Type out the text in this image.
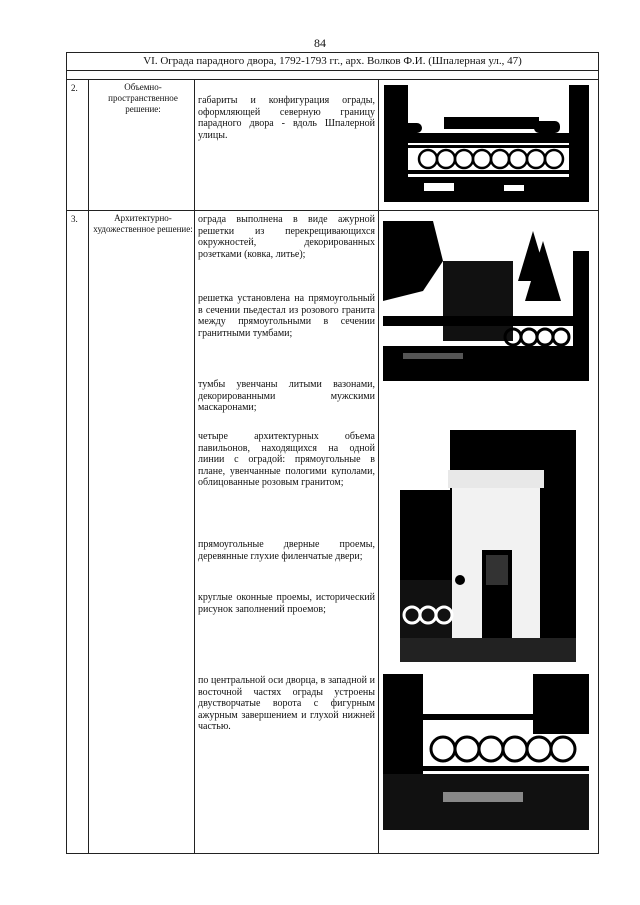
84
VI. Ограда парадного двора, 1792-1793 гг., арх. Волков Ф.И. (Шпалерная ул., 47)
2.	Объемно-пространственное решение:
габариты и конфигурация ограды, оформляющей северную границу парадного двора - вдоль Шпалерной улицы.
3.	Архитектурно-художественное решение:
ограда выполнена в виде ажурной решетки из перекрещивающихся окружностей, декорированных розетками (ковка, литье);
решетка установлена на прямоугольный в сечении пьедестал из розового гранита между прямоугольными в сечении гранитными тумбами;
тумбы увенчаны литыми вазонами, декорированными мужскими маскаронами;
четыре архитектурных объема павильонов, находящихся на одной линии с оградой: прямоугольные в плане, увенчанные пологими куполами, облицованные розовым гранитом;
прямоугольные дверные проемы, деревянные глухие филенчатые двери;
круглые оконные проемы, исторический рисунок заполнений проемов;
по центральной оси дворца, в западной и восточной частях ограды устроены двустворчатые ворота с фигурным ажурным завершением и глухой нижней частью.
